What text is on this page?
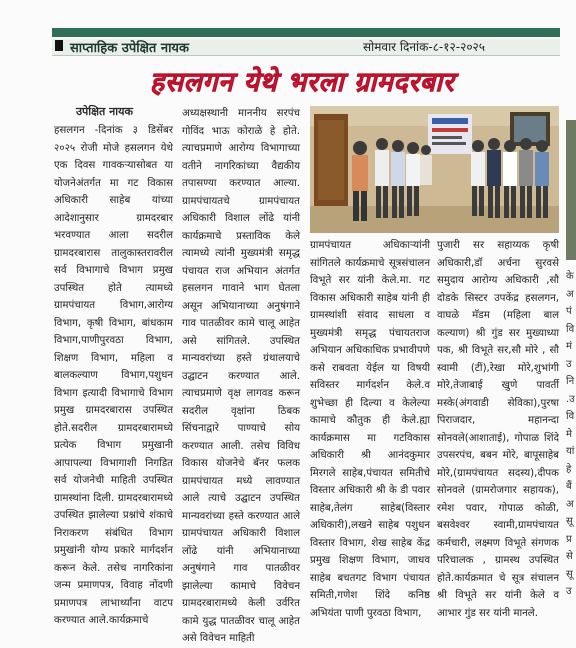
साप्ताहिक उपेक्षित नायक	सोमवार दिनांक-८-१२-२०२५
हसलगन येथे भरला ग्रामदरबार
उपेक्षित नायक
हसलगन -दिनांक ३ डिसेंबर २०२५ रोजी मोजे हसलगन येथे एक दिवस गावकऱ्यासोबत या योजनेअंतर्गत मा गट विकास अधिकारी साहेब यांच्या आदेशानुसार ग्रामदरबार भरवण्यात आला सदरील ग्रामदरबारास तालुकास्तरावरील सर्व विभागाचे विभाग प्रमुख उपस्थित होते त्यामध्ये ग्रामपंचायत विभाग,आरोग्य विभाग, कृषी विभाग, बांधकाम विभाग,पाणीपुरवठा विभाग, शिक्षण विभाग, महिला व बालकल्याण विभाग,पशुधन विभाग इत्यादी विभागाचे विभाग प्रमुख ग्रामदरबारास उपस्थित होते.सदरील ग्रामदरबारामध्ये प्रत्येक विभाग प्रमुखानी आपापल्या विभागाशी निगडित सर्व योजनेची माहिती उपस्थित ग्रामस्थांना दिली. ग्रामदरबारामध्ये उपस्थित झालेल्या प्रश्नांचे शंकाचे निराकरण संबंधित विभाग प्रमुखांनी योग्य प्रकारे मार्गदर्शन करून केले. तसेच नागरिकांना जन्म प्रमाणपत्र, विवाह नोंदणी प्रमाणपत्र लाभार्थ्यांना वाटप करण्यात आले.कार्यक्रमाचे
अध्यक्षस्थानी माननीय सरपंच गोविंद भाऊ कोराळे हे होते. त्याचप्रमाणे आरोग्य विभागाच्या वतीने नागरिकांच्या वैद्यकीय तपासण्या करण्यात आल्या. ग्रामपंचायतचे ग्रामपंचायत अधिकारी विशाल लोंढे यांनी कार्यक्रमाचे प्रस्ताविक केले त्यामध्ये त्यांनी मुख्यमंत्री समृद्ध पंचायत राज अभियान अंतर्गत हसलगन गावाने भाग घेतला असून अभियानाच्या अनुषंगाने गाव पातळीवर कामे चालू आहेत असे सांगितले. उपस्थित मान्यवरांच्या हस्ते ग्रंथालयाचे उद्घाटन करण्यात आले. त्याचप्रमाणे वृक्ष लागवड करून सदरील वृक्षांना ठिबक सिंचनाद्वारे पाण्याचे सोय करण्यात आली. तसेच विविध विकास योजनेचे बॅनर फलक ग्रामपंचायत मध्ये लावण्यात आले त्याचे उद्घाटन उपस्थित मान्यवरांच्या हस्ते करण्यात आले ग्रामपंचायत अधिकारी विशाल लोंढे यांनी अभियानाच्या अनुषंगाने गाव पातळीवर झालेल्या कामाचे विवेचन ग्रामदरबारामध्ये केली उर्वरित कामे युद्ध पातळीवर चालू आहेत असे विवेचन माहिती
ग्रामपंचायत अधिकाऱ्यांनी सांगितले कार्यक्रमाचे सूत्रसंचालन विभूते सर यांनी केले.मा. गट विकास अधिकारी साहेब यांनी ही ग्रामस्थांशी संवाद साधला व मुख्यमंत्री समृद्ध पंचायतराज अभियान अधिकाधिक प्रभावीपणे कसे राबवता येईल या विषयी सविस्तर मार्गदर्शन केले.व शुभेच्छा ही दिल्या व केलेल्या कामाचे कौतुक ही केले.ह्या कार्यक्रमास मा गटविकास अधिकारी श्री आनंदकुमार मिरगले साहेब,पंचायत समितीचे विस्तार अधिकारी श्री के डी पवार साहेब,तेलंग साहेब(विस्तार अधिकारी),लखने साहेब पशुधन विस्तार विभाग, शेख साहेब केंद्र प्रमुख शिक्षण विभाग, जाधव साहेब बचतगट विभाग पंचायत समिती,गणेश शिंदे कनिष्ठ अभियंता पाणी पुरवठा विभाग,
पुजारी सर सहाय्यक कृषी अधिकारी,डॉ अर्चना सुरवसे समुदाय आरोग्य अधिकारी ,सौ दोडके सिस्टर उपकेंद्र हसलगन, वाघळे मॅडम (महिला बाल कल्याण) श्री गुंड सर मुख्याध्या पक, श्री विभूते सर,सौ मोरे , सौ स्वामी (टीं),रेखा मोरे,शुभांगी मोरे,तेजाबाई खुणे पावर्ती मस्के(अंगवाडी सेविका),पुरषा पिराजदार, महानन्दा सोनवले(आशाताई), गोपाळ शिंदे उपसरपंच, बबन मोरे, बापूसाहेब मोरे,(ग्रामपंचायत सदस्य),दीपक सोनवले (ग्रामरोजगार सहायक), रमेश पवार, गोपाळ कोळी, बसवेश्वर स्वामी,ग्रामपंचायत कर्मचारी, लक्ष्मण विभूते संगणक परिचालक , ग्रामस्थ उपस्थित होते.कार्यक्रमात चे सूत्र संचालन श्री विभूते सर यांनी केले व आभार गुंड सर यांनी मानले.
के
अ
पं
वि
मं
उ
नि
.उ
वि
मे
यां
हे
बैं
अ
सू
प्र
से
सू
उ
